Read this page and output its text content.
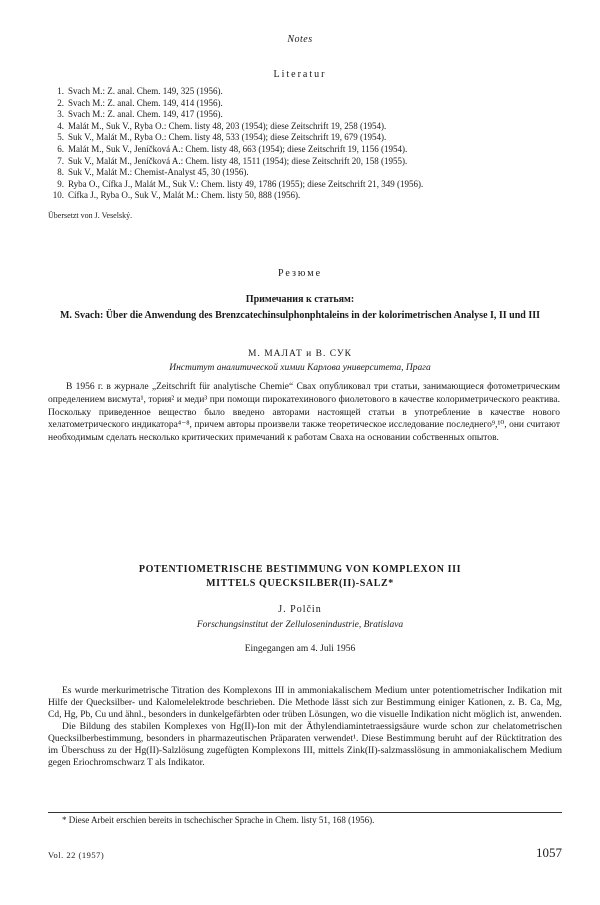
Notes
Literatur
1. Svach M.: Z. anal. Chem. 149, 325 (1956).
2. Svach M.: Z. anal. Chem. 149, 414 (1956).
3. Svach M.: Z. anal. Chem. 149, 417 (1956).
4. Malát M., Suk V., Ryba O.: Chem. listy 48, 203 (1954); diese Zeitschrift 19, 258 (1954).
5. Suk V., Malát M., Ryba O.: Chem. listy 48, 533 (1954); diese Zeitschrift 19, 679 (1954).
6. Malát M., Suk V., Jeníčková A.: Chem. listy 48, 663 (1954); diese Zeitschrift 19, 1156 (1954).
7. Suk V., Malát M., Jeníčková A.: Chem. listy 48, 1511 (1954); diese Zeitschrift 20, 158 (1955).
8. Suk V., Malát M.: Chemist-Analyst 45, 30 (1956).
9. Ryba O., Cífka J., Malát M., Suk V.: Chem. listy 49, 1786 (1955); diese Zeitschrift 21, 349 (1956).
10. Cífka J., Ryba O., Suk V., Malát M.: Chem. listy 50, 888 (1956).
Übersetzt von J. Veselský.
Резюме
Примечания к статьям:
M. Svach: Über die Anwendung des Brenzcatechinsulphonphtaleins in der kolorimetrischen Analyse I, II und III
М. МАЛАТ и В. СУК
Институт аналитической химии Карлова университета, Прага

В 1956 г. в журнале „Zeitschrift für analytische Chemie“ Свах опубликовал три статьи, занимающиеся фотометрическим определением висмута¹, тория² и меди³ при помощи пирокатехинового фиолетового в качестве колориметрического реактива. Поскольку приведенное вещество было введено авторами настоящей статьи в употребление в качестве нового хелатометрического индикатора⁴⁻⁸, причем авторы произвели также теоретическое исследование последнего⁹,¹⁰, они считают необходимым сделать несколько критических примечаний к работам Сваха на основании собственных опытов.

POTENTIOMETRISCHE BESTIMMUNG VON KOMPLEXON III
MITTELS QUECKSILBER(II)-SALZ*
J. Polčin
Forschungsinstitut der Zellulosenindustrie, Bratislava
Eingegangen am 4. Juli 1956

Es wurde merkurimetrische Titration des Komplexons III in ammoniakalischem Medium unter potentiometrischer Indikation mit Hilfe der Quecksilber- und Kalomelelektrode beschrieben. Die Methode lässt sich zur Bestimmung einiger Kationen, z. B. Ca, Mg, Cd, Hg, Pb, Cu und ähnl., besonders in dunkelgefärbten oder trüben Lösungen, wo die visuelle Indikation nicht möglich ist, anwenden.

Die Bildung des stabilen Komplexes von Hg(II)-Ion mit der Äthylendiamintetraessigsäure wurde schon zur chelatometrischen Quecksilberbestimmung, besonders in pharmazeutischen Präparaten verwendet¹. Diese Bestimmung beruht auf der Rücktitration des im Überschuss zu der Hg(II)-Salzlösung zugefügten Komplexons III, mittels Zink(II)-salzmasslösung in ammoniakalischem Medium gegen Eriochromschwarz T als Indikator.

* Diese Arbeit erschien bereits in tschechischer Sprache in Chem. listy 51, 168 (1956).
Vol. 22 (1957)	1057
